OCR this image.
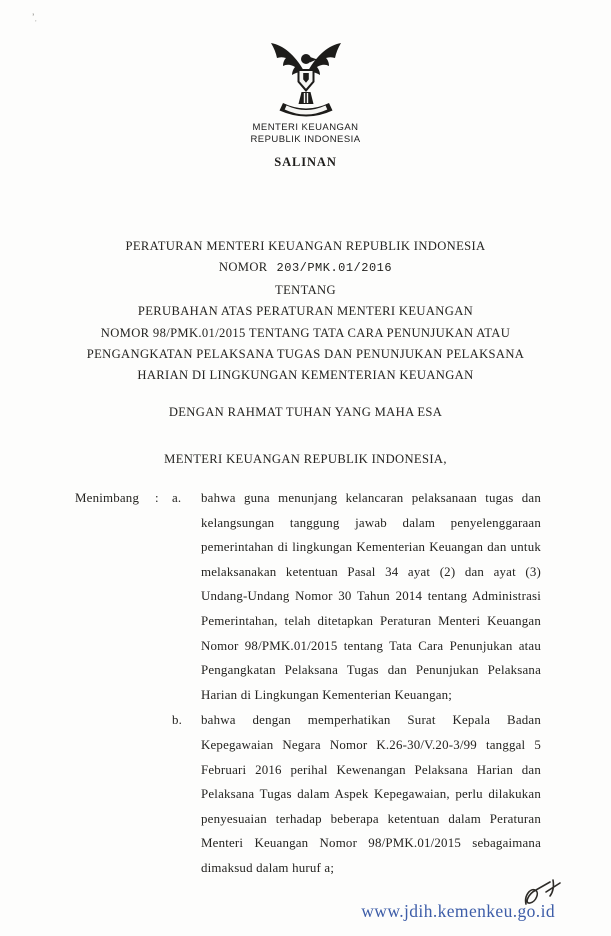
’̣
MENTERI KEUANGAN
REPUBLIK INDONESIA
SALINAN
PERATURAN MENTERI KEUANGAN REPUBLIK INDONESIA
NOMOR 203/PMK.01/2016
TENTANG
PERUBAHAN ATAS PERATURAN MENTERI KEUANGAN
NOMOR 98/PMK.01/2015 TENTANG TATA CARA PENUNJUKAN ATAU
PENGANGKATAN PELAKSANA TUGAS DAN PENUNJUKAN PELAKSANA
HARIAN DI LINGKUNGAN KEMENTERIAN KEUANGAN
DENGAN RAHMAT TUHAN YANG MAHA ESA
MENTERI KEUANGAN REPUBLIK INDONESIA,
Menimbang	:	a.	bahwa guna menunjang kelancaran pelaksanaan tugas dan kelangsungan tanggung jawab dalam penyelenggaraan pemerintahan di lingkungan Kementerian Keuangan dan untuk melaksanakan ketentuan Pasal 34 ayat (2) dan ayat (3) Undang-Undang Nomor 30 Tahun 2014 tentang Administrasi Pemerintahan, telah ditetapkan Peraturan Menteri Keuangan Nomor 98/PMK.01/2015 tentang Tata Cara Penunjukan atau Pengangkatan Pelaksana Tugas dan Penunjukan Pelaksana Harian di Lingkungan Kementerian Keuangan;
b.	bahwa dengan memperhatikan Surat Kepala Badan Kepegawaian Negara Nomor K.26-30/V.20-3/99 tanggal 5 Februari 2016 perihal Kewenangan Pelaksana Harian dan Pelaksana Tugas dalam Aspek Kepegawaian, perlu dilakukan penyesuaian terhadap beberapa ketentuan dalam Peraturan Menteri Keuangan Nomor 98/PMK.01/2015 sebagaimana dimaksud dalam huruf a;
www.jdih.kemenkeu.go.id
